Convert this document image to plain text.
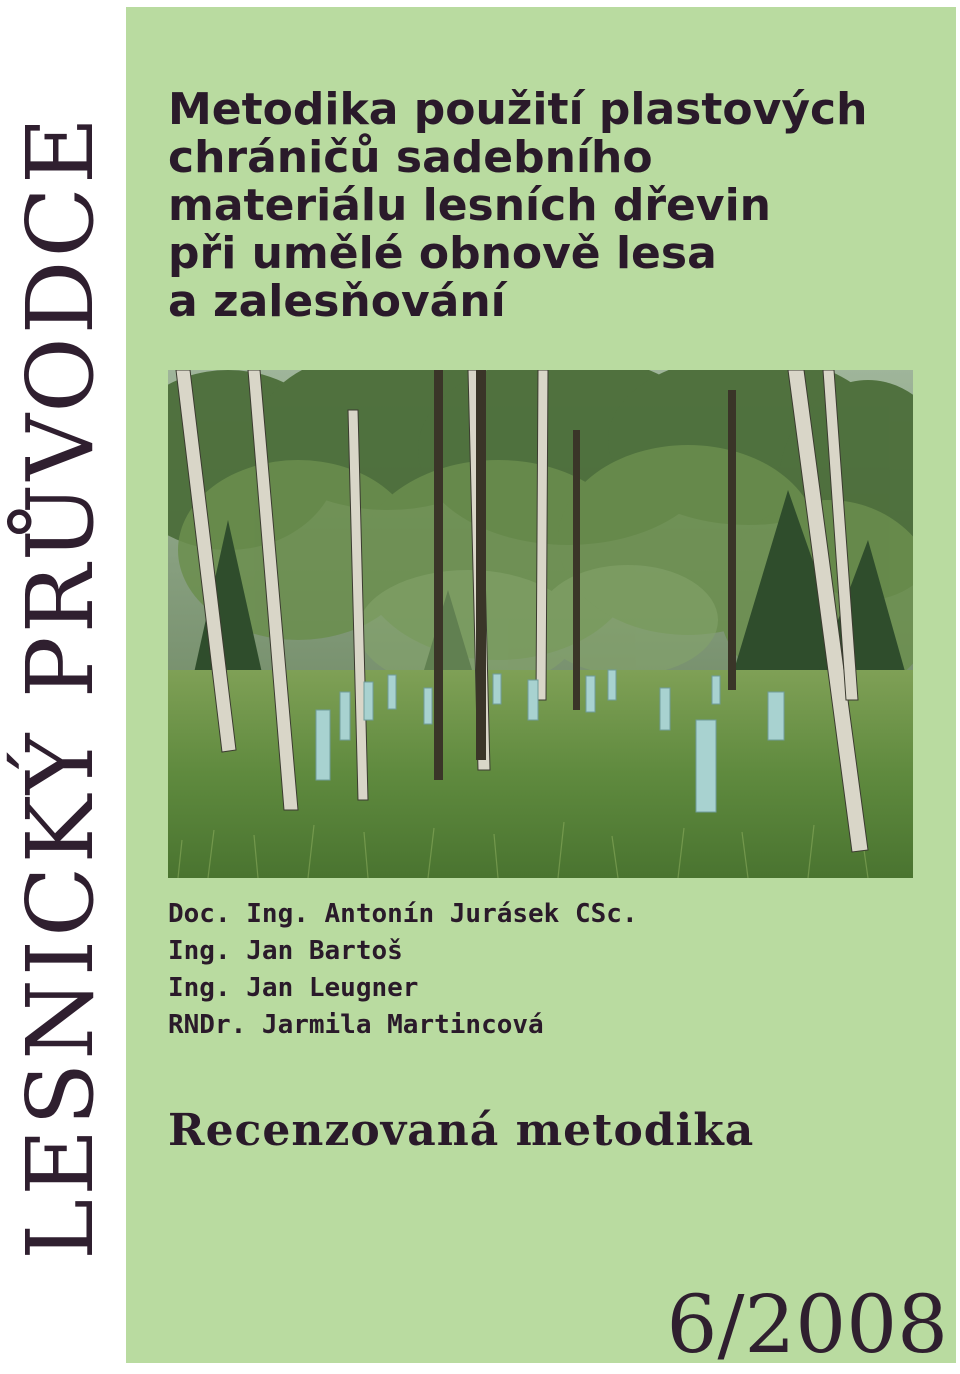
LESNICKÝ PRŮVODCE
Metodika použití plastových
chráničů sadebního
materiálu lesních dřevin
při umělé obnově lesa
a zalesňování
Doc. Ing. Antonín Jurásek CSc.
Ing. Jan Bartoš
Ing. Jan Leugner
RNDr. Jarmila Martincová
Recenzovaná metodika
6/2008
